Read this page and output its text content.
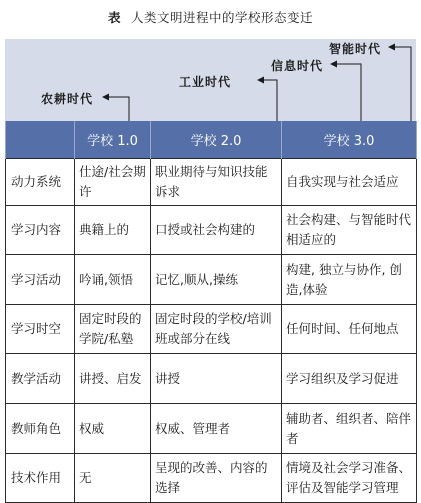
表 人类文明进程中的学校形态变迁
农耕时代
工业时代
信息时代
智能时代
	学校 1.0	学校 2.0	学校 3.0
动力系统	仕途/社会期许	职业期待与知识技能诉求	自我实现与社会适应
学习内容	典籍上的	口授或社会构建的	社会构建、与智能时代相适应的
学习活动	吟诵,领悟	记忆,顺从,操练	构建, 独立与协作, 创造,体验
学习时空	固定时段的学院/私塾	固定时段的学校/培训班或部分在线	任何时间、任何地点
教学活动	讲授、启发	讲授	学习组织及学习促进
教师角色	权威	权威、管理者	辅助者、组织者、陪伴者
技术作用	无	呈现的改善、内容的选择	情境及社会学习准备、评估及智能学习管理
